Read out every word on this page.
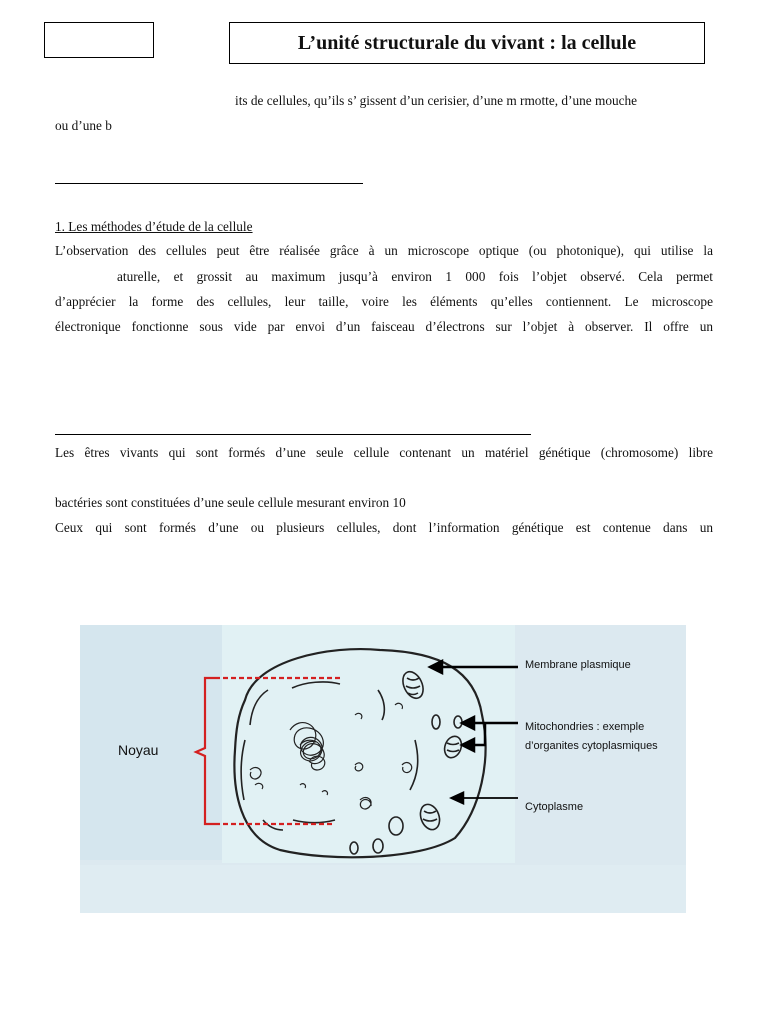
L’unité structurale du vivant : la cellule
its de cellules, qu’ils s’ gissent d’un cerisier, d’une m rmotte, d’une mouche
ou d’une b
1. Les méthodes d’étude de la cellule
L’observation des cellules peut être réalisée grâce à un microscope optique (ou photonique), qui utilise la
aturelle, et grossit au maximum jusqu’à environ 1 000 fois l’objet observé. Cela permet
d’apprécier la forme des cellules, leur taille, voire les éléments qu’elles contiennent. Le microscope
électronique fonctionne sous vide par envoi d’un faisceau d’électrons sur l’objet à observer. Il offre un
Les êtres vivants qui sont formés d’une seule cellule contenant un matériel génétique (chromosome) libre
bactéries sont constituées d’une seule cellule mesurant environ 10
Ceux qui sont formés d’une ou plusieurs cellules, dont l’information génétique est contenue dans un
Noyau
Membrane plasmique
Mitochondries : exemple
d’organites cytoplasmiques
Cytoplasme
